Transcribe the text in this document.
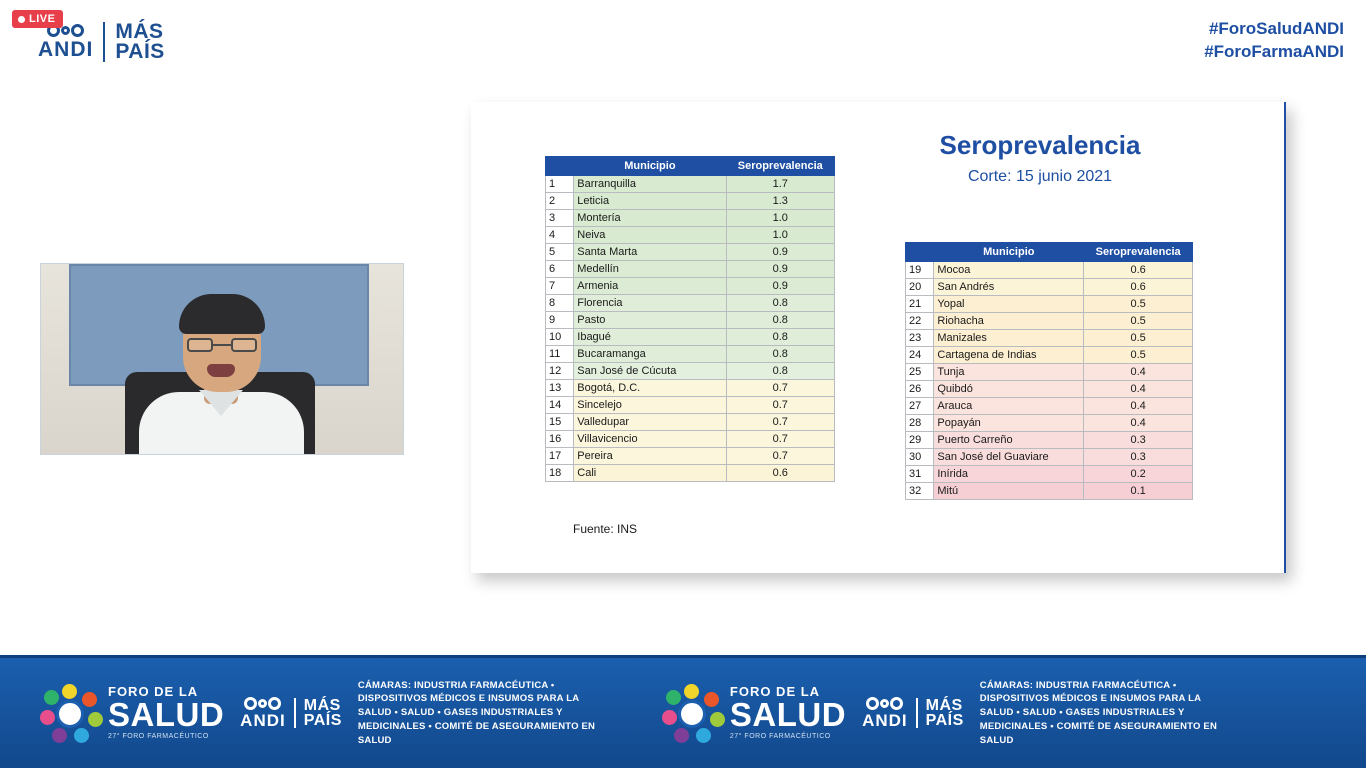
LIVE
ANDI
MÁS
PAÍS
#ForoSaludANDI
#ForoFarmaANDI
Seroprevalencia
Corte: 15 junio 2021
	Municipio	Seroprevalencia
1	Barranquilla	1.7
2	Leticia	1.3
3	Montería	1.0
4	Neiva	1.0
5	Santa Marta	0.9
6	Medellín	0.9
7	Armenia	0.9
8	Florencia	0.8
9	Pasto	0.8
10	Ibagué	0.8
11	Bucaramanga	0.8
12	San José de Cúcuta	0.8
13	Bogotá, D.C.	0.7
14	Sincelejo	0.7
15	Valledupar	0.7
16	Villavicencio	0.7
17	Pereira	0.7
18	Cali	0.6
	Municipio	Seroprevalencia
19	Mocoa	0.6
20	San Andrés	0.6
21	Yopal	0.5
22	Riohacha	0.5
23	Manizales	0.5
24	Cartagena de Indias	0.5
25	Tunja	0.4
26	Quibdó	0.4
27	Arauca	0.4
28	Popayán	0.4
29	Puerto Carreño	0.3
30	San José del Guaviare	0.3
31	Inírida	0.2
32	Mitú	0.1
Fuente: INS
FORO DE LA
SALUD
27° FORO FARMACÉUTICO
ANDI
MÁS
PAÍS
CÁMARAS: INDUSTRIA FARMACÉUTICA • DISPOSITIVOS MÉDICOS E INSUMOS PARA LA SALUD • SALUD • GASES INDUSTRIALES Y MEDICINALES • COMITÉ DE ASEGURAMIENTO EN SALUD
FORO DE LA
SALUD
27° FORO FARMACÉUTICO
ANDI
MÁS
PAÍS
CÁMARAS: INDUSTRIA FARMACÉUTICA • DISPOSITIVOS MÉDICOS E INSUMOS PARA LA SALUD • SALUD • GASES INDUSTRIALES Y MEDICINALES • COMITÉ DE ASEGURAMIENTO EN SALUD
